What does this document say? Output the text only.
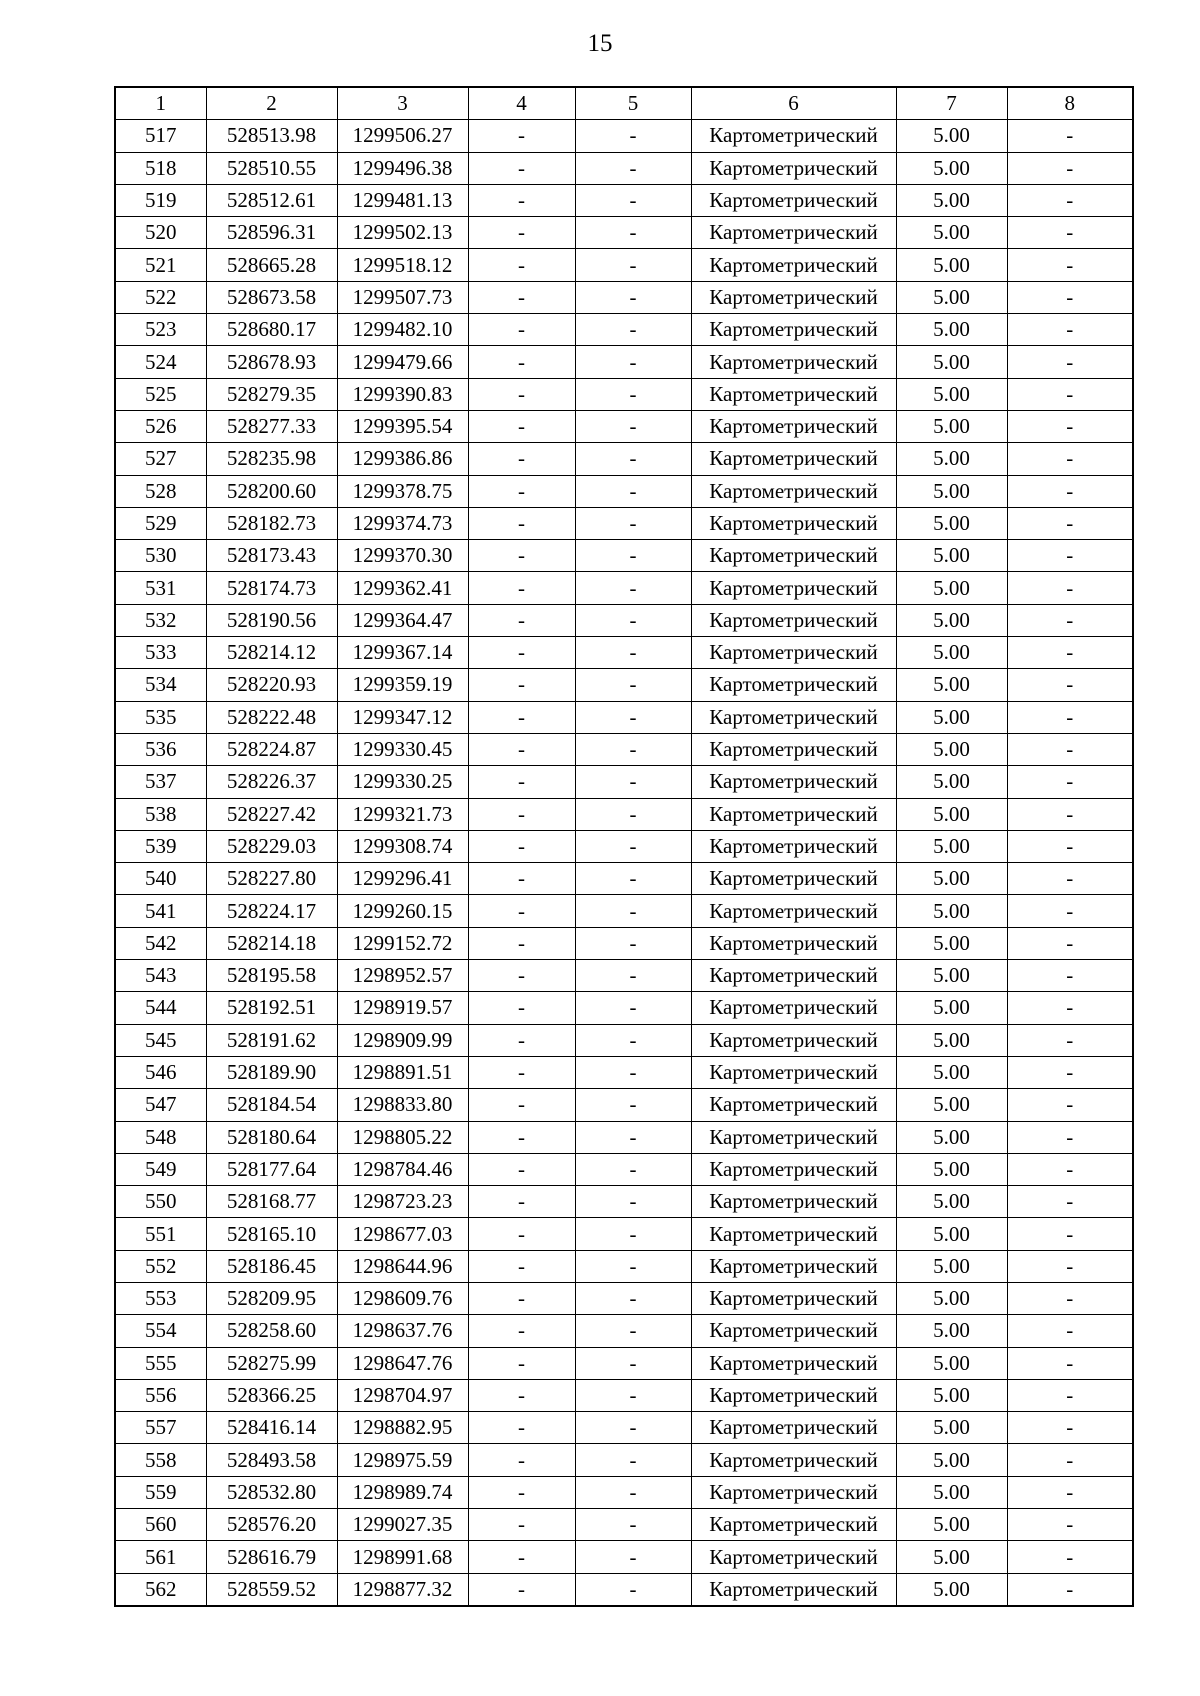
15
1	2	3	4	5	6	7	8
517	528513.98	1299506.27	-	-	Картометрический	5.00	-
518	528510.55	1299496.38	-	-	Картометрический	5.00	-
519	528512.61	1299481.13	-	-	Картометрический	5.00	-
520	528596.31	1299502.13	-	-	Картометрический	5.00	-
521	528665.28	1299518.12	-	-	Картометрический	5.00	-
522	528673.58	1299507.73	-	-	Картометрический	5.00	-
523	528680.17	1299482.10	-	-	Картометрический	5.00	-
524	528678.93	1299479.66	-	-	Картометрический	5.00	-
525	528279.35	1299390.83	-	-	Картометрический	5.00	-
526	528277.33	1299395.54	-	-	Картометрический	5.00	-
527	528235.98	1299386.86	-	-	Картометрический	5.00	-
528	528200.60	1299378.75	-	-	Картометрический	5.00	-
529	528182.73	1299374.73	-	-	Картометрический	5.00	-
530	528173.43	1299370.30	-	-	Картометрический	5.00	-
531	528174.73	1299362.41	-	-	Картометрический	5.00	-
532	528190.56	1299364.47	-	-	Картометрический	5.00	-
533	528214.12	1299367.14	-	-	Картометрический	5.00	-
534	528220.93	1299359.19	-	-	Картометрический	5.00	-
535	528222.48	1299347.12	-	-	Картометрический	5.00	-
536	528224.87	1299330.45	-	-	Картометрический	5.00	-
537	528226.37	1299330.25	-	-	Картометрический	5.00	-
538	528227.42	1299321.73	-	-	Картометрический	5.00	-
539	528229.03	1299308.74	-	-	Картометрический	5.00	-
540	528227.80	1299296.41	-	-	Картометрический	5.00	-
541	528224.17	1299260.15	-	-	Картометрический	5.00	-
542	528214.18	1299152.72	-	-	Картометрический	5.00	-
543	528195.58	1298952.57	-	-	Картометрический	5.00	-
544	528192.51	1298919.57	-	-	Картометрический	5.00	-
545	528191.62	1298909.99	-	-	Картометрический	5.00	-
546	528189.90	1298891.51	-	-	Картометрический	5.00	-
547	528184.54	1298833.80	-	-	Картометрический	5.00	-
548	528180.64	1298805.22	-	-	Картометрический	5.00	-
549	528177.64	1298784.46	-	-	Картометрический	5.00	-
550	528168.77	1298723.23	-	-	Картометрический	5.00	-
551	528165.10	1298677.03	-	-	Картометрический	5.00	-
552	528186.45	1298644.96	-	-	Картометрический	5.00	-
553	528209.95	1298609.76	-	-	Картометрический	5.00	-
554	528258.60	1298637.76	-	-	Картометрический	5.00	-
555	528275.99	1298647.76	-	-	Картометрический	5.00	-
556	528366.25	1298704.97	-	-	Картометрический	5.00	-
557	528416.14	1298882.95	-	-	Картометрический	5.00	-
558	528493.58	1298975.59	-	-	Картометрический	5.00	-
559	528532.80	1298989.74	-	-	Картометрический	5.00	-
560	528576.20	1299027.35	-	-	Картометрический	5.00	-
561	528616.79	1298991.68	-	-	Картометрический	5.00	-
562	528559.52	1298877.32	-	-	Картометрический	5.00	-
